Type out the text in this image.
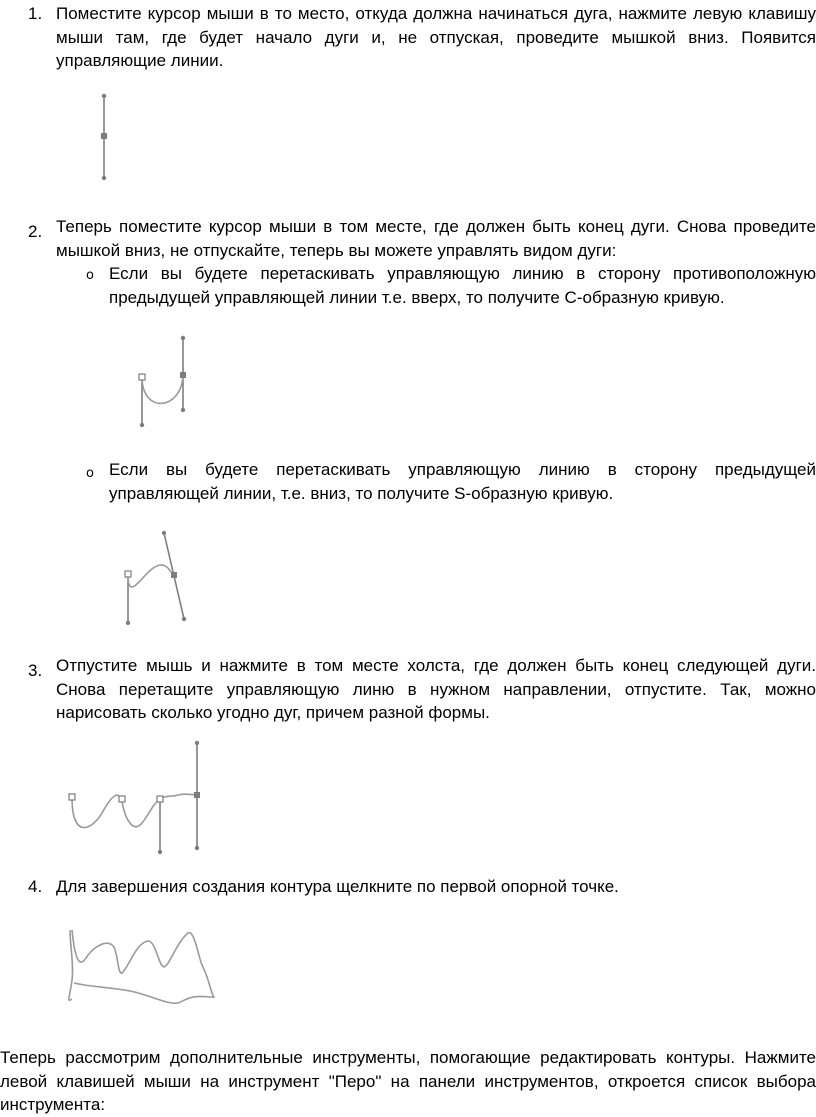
1. Поместите курсор мыши в то место, откуда должна начинаться дуга, нажмите левую клавишу мыши там, где будет начало дуги и, не отпуская, проведите мышкой вниз. Появится управляющие линии.
2. Теперь поместите курсор мыши в том месте, где должен быть конец дуги. Снова проведите мышкой вниз, не отпускайте, теперь вы можете управлять видом дуги:
o Если вы будете перетаскивать управляющую линию в сторону противоположную предыдущей управляющей линии т.е. вверх, то получите С-образную кривую.
o Если вы будете перетаскивать управляющую линию в сторону предыдущей управляющей линии, т.е. вниз, то получите S-образную кривую.
3. Отпустите мышь и нажмите в том месте холста, где должен быть конец следующей дуги. Снова перетащите управляющую линю в нужном направлении, отпустите. Так, можно нарисовать сколько угодно дуг, причем разной формы.
4. Для завершения создания контура щелкните по первой опорной точке.
Теперь рассмотрим дополнительные инструменты, помогающие редактировать контуры. Нажмите левой клавишей мыши на инструмент "Перо" на панели инструментов, откроется список выбора инструмента:
